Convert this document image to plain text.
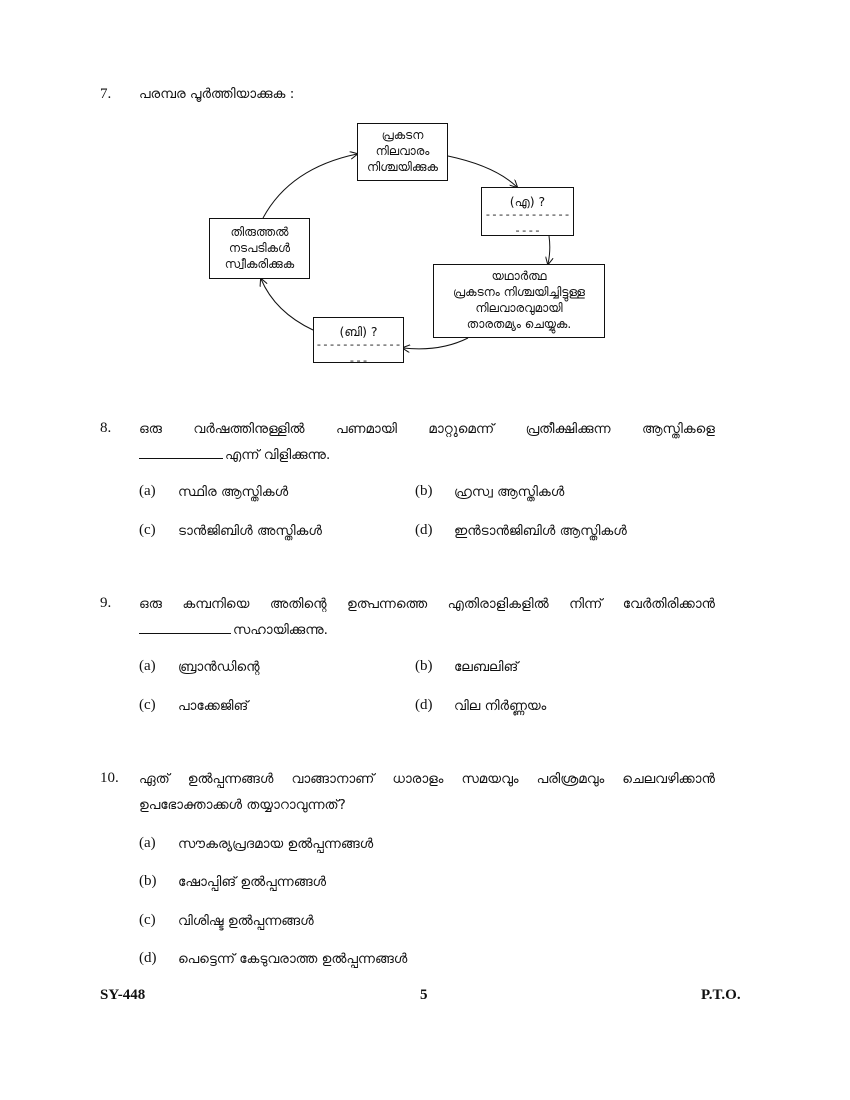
7. പരമ്പര പൂർത്തിയാക്കുക :
പ്രകടന
നിലവാരം
നിശ്ചയിക്കുക
(എ) ?
-----------------
യഥാർത്ഥ
പ്രകടനം നിശ്ചയിച്ചിട്ടുള്ള
നിലവാരവുമായി
താരതമ്യം ചെയ്യുക.
(ബി) ?
----------------
തിരുത്തൽ
നടപടികൾ
സ്വീകരിക്കുക
8. ഒരു വർഷത്തിനുള്ളിൽ പണമായി മാറ്റുമെന്ന് പ്രതീക്ഷിക്കുന്ന ആസ്തികളെ
എന്ന് വിളിക്കുന്നു.
(a) സ്ഥിര ആസ്തികൾ	(b) ഹ്രസ്വ ആസ്തികൾ
(c) ടാൻജിബിൾ അസ്തികൾ	(d) ഇൻടാൻജിബിൾ ആസ്തികൾ
9. ഒരു കമ്പനിയെ അതിന്റെ ഉത്പന്നത്തെ എതിരാളികളിൽ നിന്ന് വേർതിരിക്കാൻ
സഹായിക്കുന്നു.
(a) ബ്രാൻഡിന്റെ	(b) ലേബലിങ്
(c) പാക്കേജിങ്	(d) വില നിർണ്ണയം
10. ഏത് ഉൽപ്പന്നങ്ങൾ വാങ്ങാനാണ് ധാരാളം സമയവും പരിശ്രമവും ചെലവഴിക്കാൻ
ഉപഭോക്താക്കൾ തയ്യാറാവുന്നത്?
(a) സൗകര്യപ്രദമായ ഉൽപ്പന്നങ്ങൾ
(b) ഷോപ്പിങ് ഉൽപ്പന്നങ്ങൾ
(c) വിശിഷ്ട ഉൽപ്പന്നങ്ങൾ
(d) പെട്ടെന്ന് കേടുവരാത്ത ഉൽപ്പന്നങ്ങൾ
SY-448	5	P.T.O.
